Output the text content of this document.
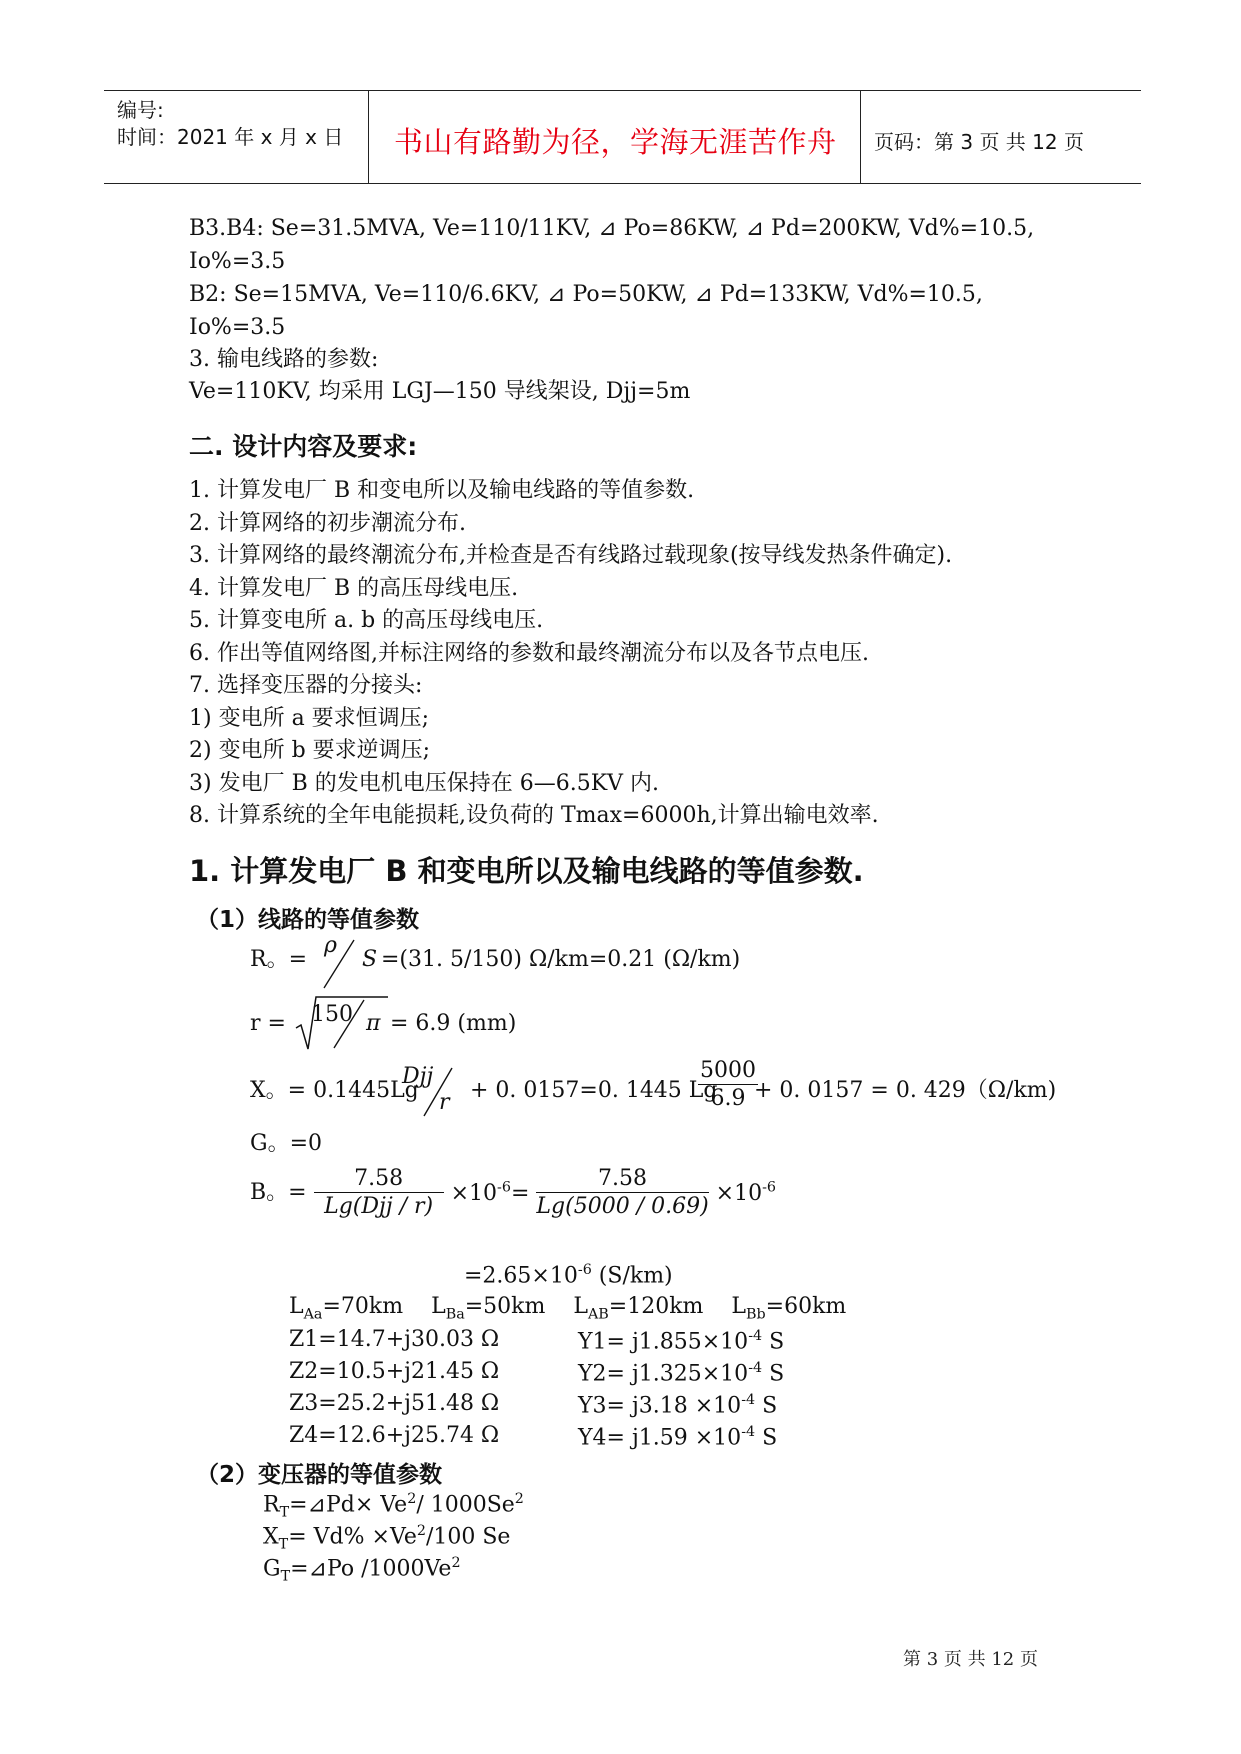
编号:
时间：2021 年 x 月 x 日 书山有路勤为径，学海无涯苦作舟 页码：第 3 页 共 12 页
B3.B4: Se=31.5MVA, Ve=110/11KV, ⊿ Po=86KW, ⊿ Pd=200KW, Vd%=10.5,
Io%=3.5
B2: Se=15MVA, Ve=110/6.6KV, ⊿ Po=50KW, ⊿ Pd=133KW, Vd%=10.5,
Io%=3.5
3. 输电线路的参数:
Ve=110KV, 均采用 LGJ—150 导线架设, Djj=5m
二. 设计内容及要求:
1. 计算发电厂 B 和变电所以及输电线路的等值参数.
2. 计算网络的初步潮流分布.
3. 计算网络的最终潮流分布,并检查是否有线路过载现象(按导线发热条件确定).
4. 计算发电厂 B 的高压母线电压.
5. 计算变电所 a. b 的高压母线电压.
6. 作出等值网络图,并标注网络的参数和最终潮流分布以及各节点电压.
7. 选择变压器的分接头:
1) 变电所 a 要求恒调压;
2) 变电所 b 要求逆调压;
3) 发电厂 B 的发电机电压保持在 6—6.5KV 内.
8. 计算系统的全年电能损耗,设负荷的 Tmax=6000h,计算出输电效率.
1. 计算发电厂 B 和变电所以及输电线路的等值参数.
（1）线路的等值参数
R。=
ρ
S =(31. 5/150) Ω/km=0.21 (Ω/km)
r = 150 π = 6.9 (mm)
X。= 0.1445Lg
Djj
r + 0. 0157=0. 1445 Lg
$\frac{5000}{6.9}$
+ 0. 0157 = 0. 429（Ω/km)
G。=0
B。= $\frac{7.58}{\text{Lg(Djj / r)}} \times 10^{-6}= \frac{7.58}{Lg(5000 / 0.69)} \times 10^{-6}$
$=2.65\times 10^{-6}$ (S/km)
$L_{Aa}=70km$ $L_{Ba}=50km$ $L_{AB}=120km$ $L_{Bb}=60km$
Z1=14.7+j30.03 Ω	$Y1= j1.855\times 10^{-4}$ S
Z2=10.5+j21.45 Ω	$Y2= j1.325\times 10^{-4}$ S
Z3=25.2+j51.48 Ω	$Y3= j3.18 \times 10^{-4}$ S
Z4=12.6+j25.74 Ω	$Y4= j1.59 \times 10^{-4}$ S
（2）变压器的等值参数
$R_T=⊿Pd\times Ve^2/$ 1000Se$^2$
$X_T= Vd\% \times Ve^2/100$ Se
$G_T=⊿Po$ /1000Ve$^2$
第 3 页 共 12 页
